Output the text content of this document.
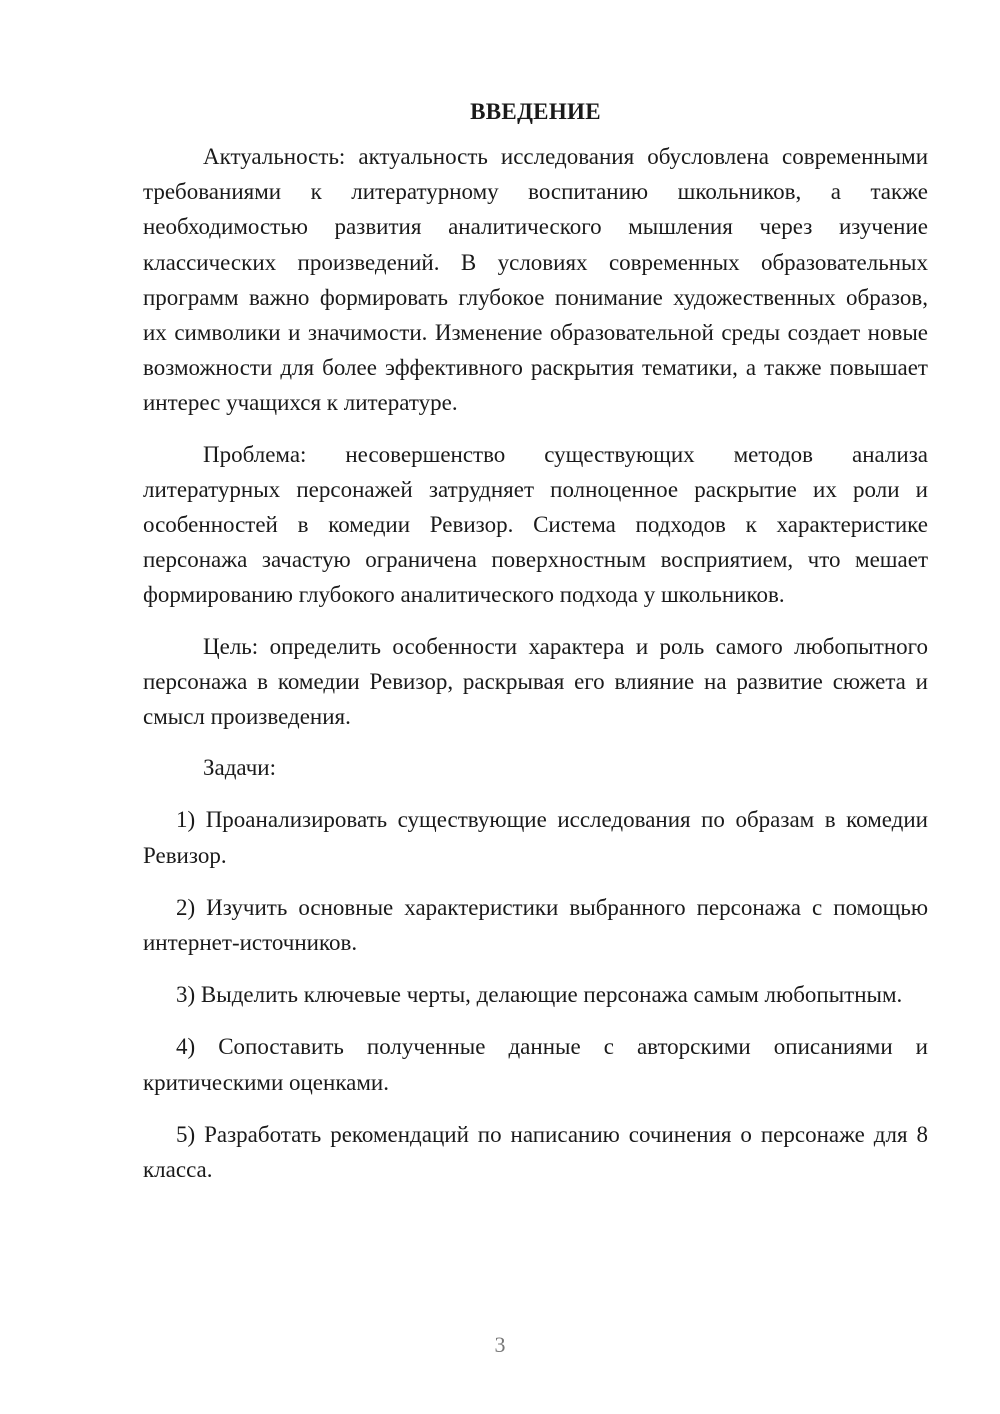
ВВЕДЕНИЕ

Актуальность: актуальность исследования обусловлена современными требованиями к литературному воспитанию школьников, а также необходимостью развития аналитического мышления через изучение классических произведений. В условиях современных образовательных программ важно формировать глубокое понимание художественных образов, их символики и значимости. Изменение образовательной среды создает новые возможности для более эффективного раскрытия тематики, а также повышает интерес учащихся к литературе.

Проблема: несовершенство существующих методов анализа литературных персонажей затрудняет полноценное раскрытие их роли и особенностей в комедии Ревизор. Система подходов к характеристике персонажа зачастую ограничена поверхностным восприятием, что мешает формированию глубокого аналитического подхода у школьников.

Цель: определить особенности характера и роль самого любопытного персонажа в комедии Ревизор, раскрывая его влияние на развитие сюжета и смысл произведения.

Задачи:

1) Проанализировать существующие исследования по образам в комедии Ревизор.

2) Изучить основные характеристики выбранного персонажа с помощью интернет-источников.

3) Выделить ключевые черты, делающие персонажа самым любопытным.

4) Сопоставить полученные данные с авторскими описаниями и критическими оценками.

5) Разработать рекомендаций по написанию сочинения о персонаже для 8 класса.

3
